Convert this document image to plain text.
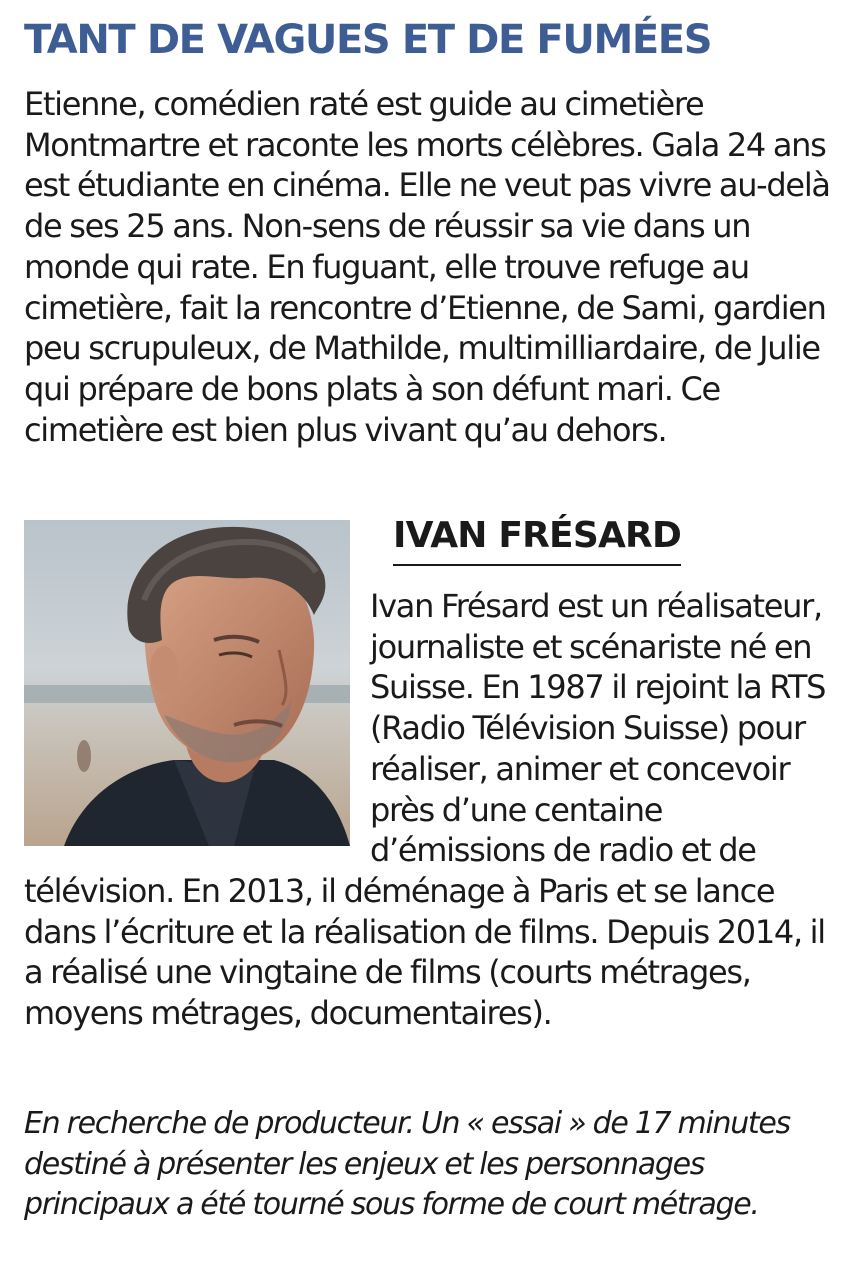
TANT DE VAGUES ET DE FUMÉES

Etienne, comédien raté est guide au cimetière Montmartre et raconte les morts célèbres. Gala 24 ans est étudiante en cinéma. Elle ne veut pas vivre au-delà de ses 25 ans. Non-sens de réussir sa vie dans un monde qui rate. En fuguant, elle trouve refuge au cimetière, fait la rencontre d’Etienne, de Sami, gardien peu scrupuleux, de Mathilde, multimilliardaire, de Julie qui prépare de bons plats à son défunt mari. Ce cimetière est bien plus vivant qu’au dehors.

IVAN FRÉSARD
Ivan Frésard est un réalisateur, journaliste et scénariste né en Suisse. En 1987 il rejoint la RTS (Radio Télévision Suisse) pour réaliser, animer et concevoir près d’une centaine d’émissions de radio et de télévision. En 2013, il déménage à Paris et se lance dans l’écriture et la réalisation de films. Depuis 2014, il a réalisé une vingtaine de films (courts métrages, moyens métrages, documentaires).

En recherche de producteur. Un « essai » de 17 minutes destiné à présenter les enjeux et les personnages principaux a été tourné sous forme de court métrage.
